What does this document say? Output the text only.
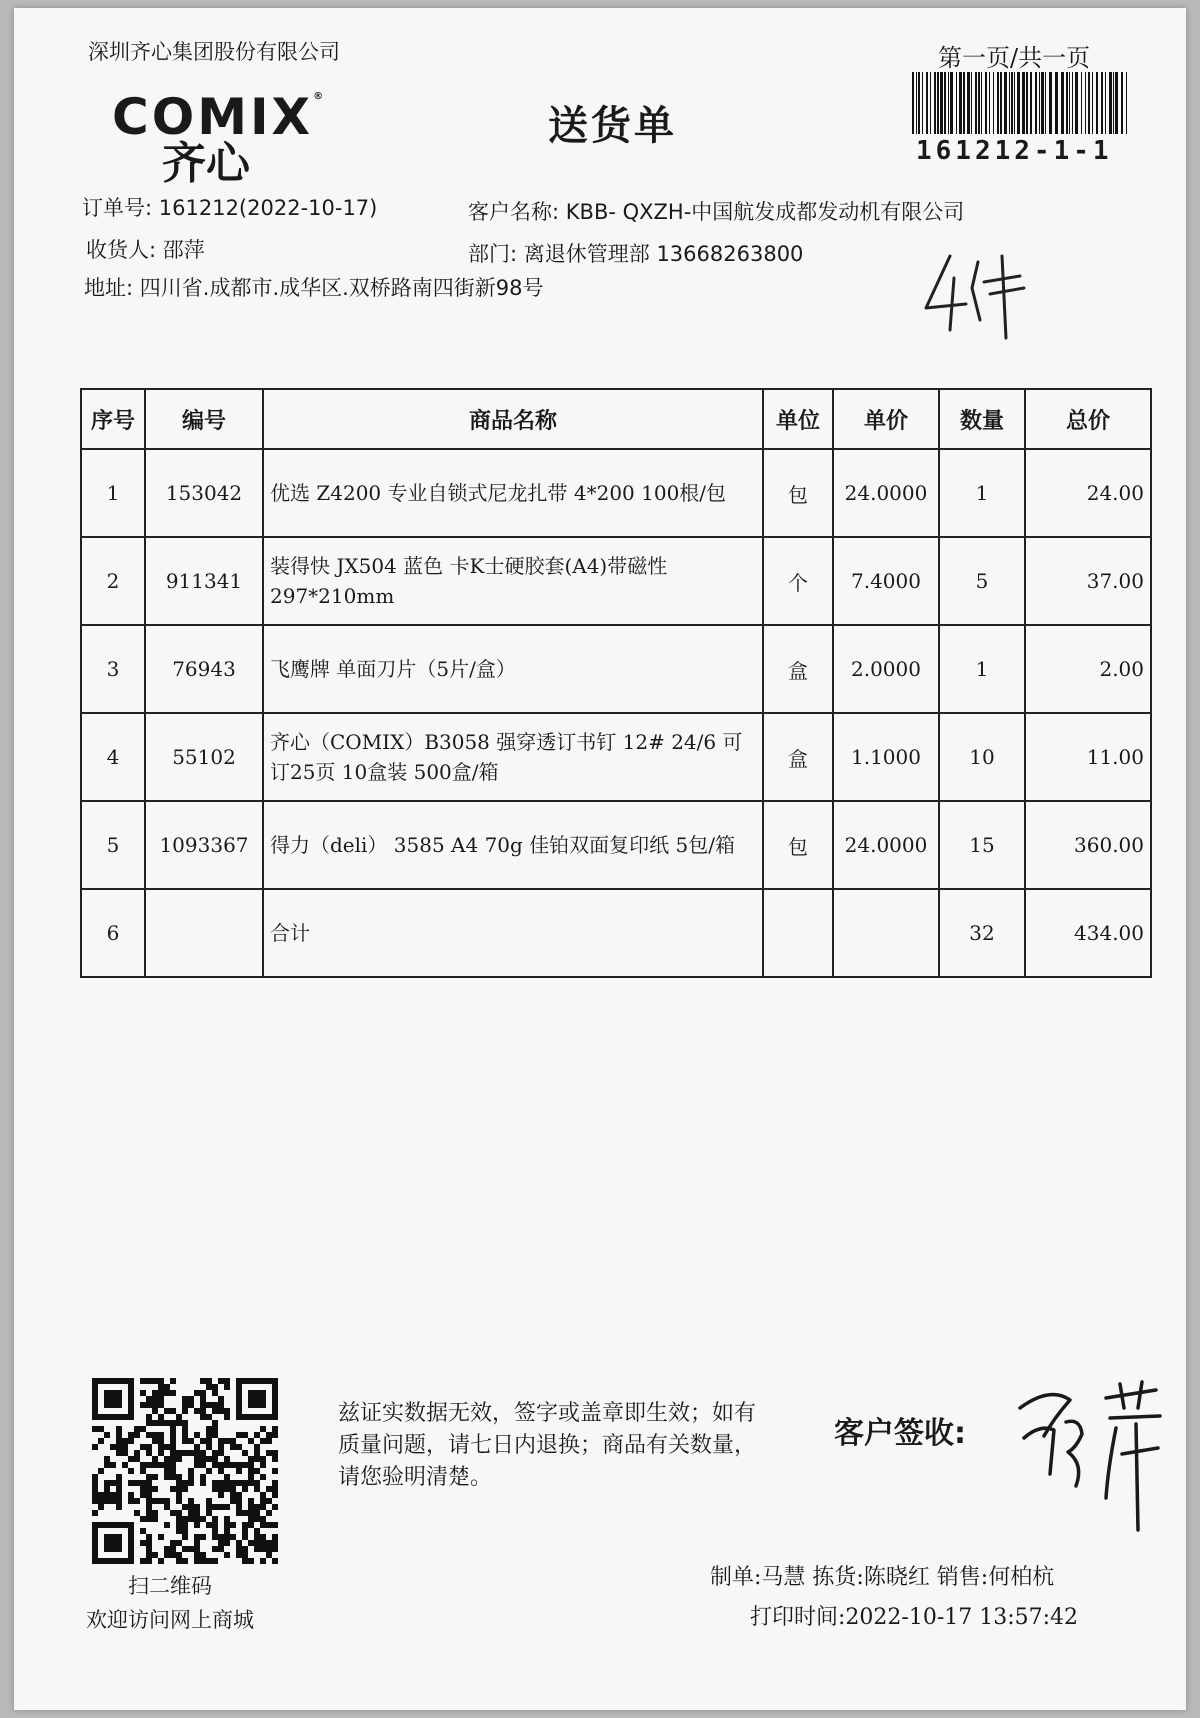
深圳齐心集团股份有限公司	第一页/共一页
161212-1-1
COMIX®
齐心
送货单
订单号: 161212(2022-10-17)
收货人: 邵萍
地址: 四川省.成都市.成华区.双桥路南四街新98号
客户名称: KBB- QXZH-中国航发成都发动机有限公司
部门: 离退休管理部 13668263800
序号	编号	商品名称	单位	单价	数量	总价
1	153042	优选 Z4200 专业自锁式尼龙扎带 4*200 100根/包	包	24.0000	1	24.00
2	911341	装得快 JX504 蓝色 卡K士硬胶套(A4)带磁性 297*210mm	个	7.4000	5	37.00
3	76943	飞鹰牌 单面刀片（5片/盒）	盒	2.0000	1	2.00
4	55102	齐心（COMIX）B3058 强穿透订书钉 12# 24/6 可订25页 10盒装 500盒/箱	盒	1.1000	10	11.00
5	1093367	得力（deli） 3585 A4 70g 佳铂双面复印纸 5包/箱	包	24.0000	15	360.00
6		合计			32	434.00
扫二维码
欢迎访问网上商城
兹证实数据无效，签字或盖章即生效；如有质量问题，请七日内退换；商品有关数量，请您验明清楚。
客户签收:
制单:马慧 拣货:陈晓红 销售:何柏杭
打印时间:2022-10-17 13:57:42
